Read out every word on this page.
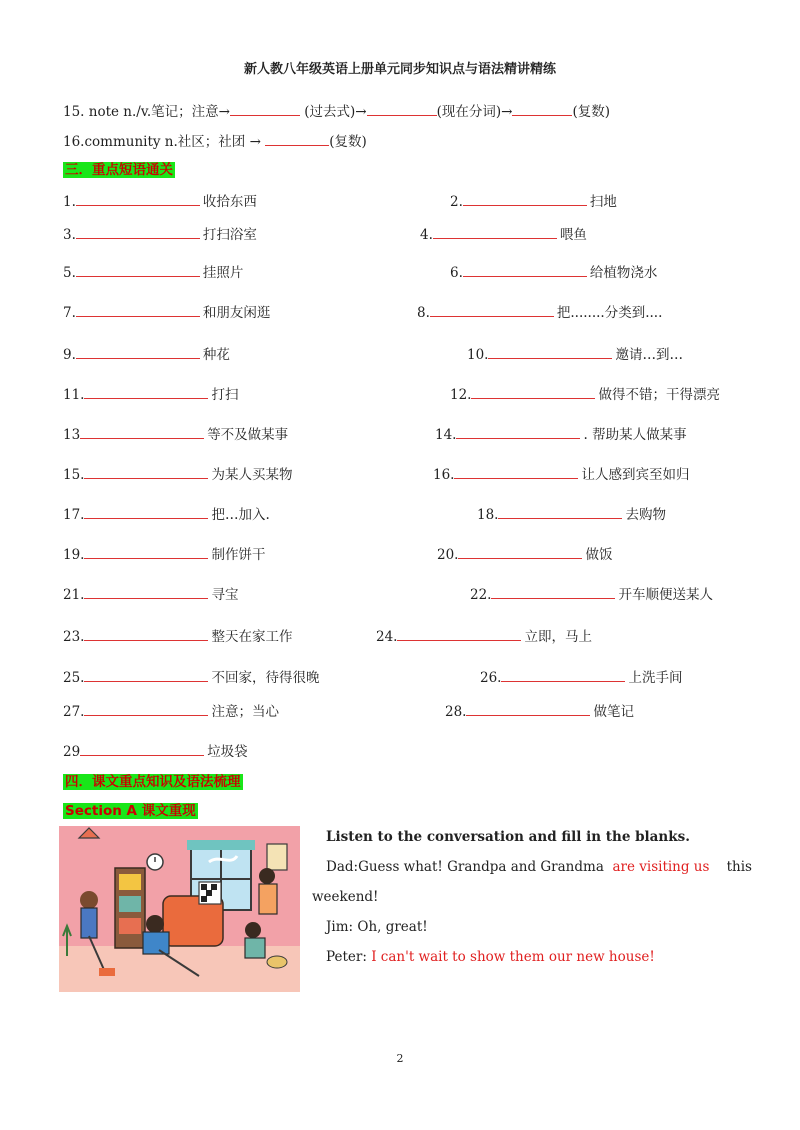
新人教八年级英语上册单元同步知识点与语法精讲精练
15. note n./v.笔记；注意→	(过去式)→	(现在分词)→	(复数)
16.community n.社区；社团 →	(复数)
三．重点短语通关
1.	收拾东西	2.	扫地
3.	打扫浴室	4.	喂鱼
5.	挂照片	6.	给植物浇水
7.	和朋友闲逛	8.	把........分类到....
9.	种花	10.	邀请…到…
11.	打扫	12.	做得不错；干得漂亮
13	等不及做某事	14.	. 帮助某人做某事
15.	为某人买某物	16.	让人感到宾至如归
17.	把…加入.	18.	去购物
19.	制作饼干	20.	做饭
21.	寻宝	22.	开车顺便送某人
23.	整天在家工作	24.	立即，马上
25.	不回家，待得很晚	26.	上洗手间
27.	注意；当心	28.	做笔记
29	垃圾袋
四．课文重点知识及语法梳理
Section A 课文重现
Listen to the conversation and fill in the blanks.
Dad:Guess what! Grandpa and Grandma are visiting us this
weekend!
Jim: Oh, great!
Peter: I can't wait to show them our new house!
2
